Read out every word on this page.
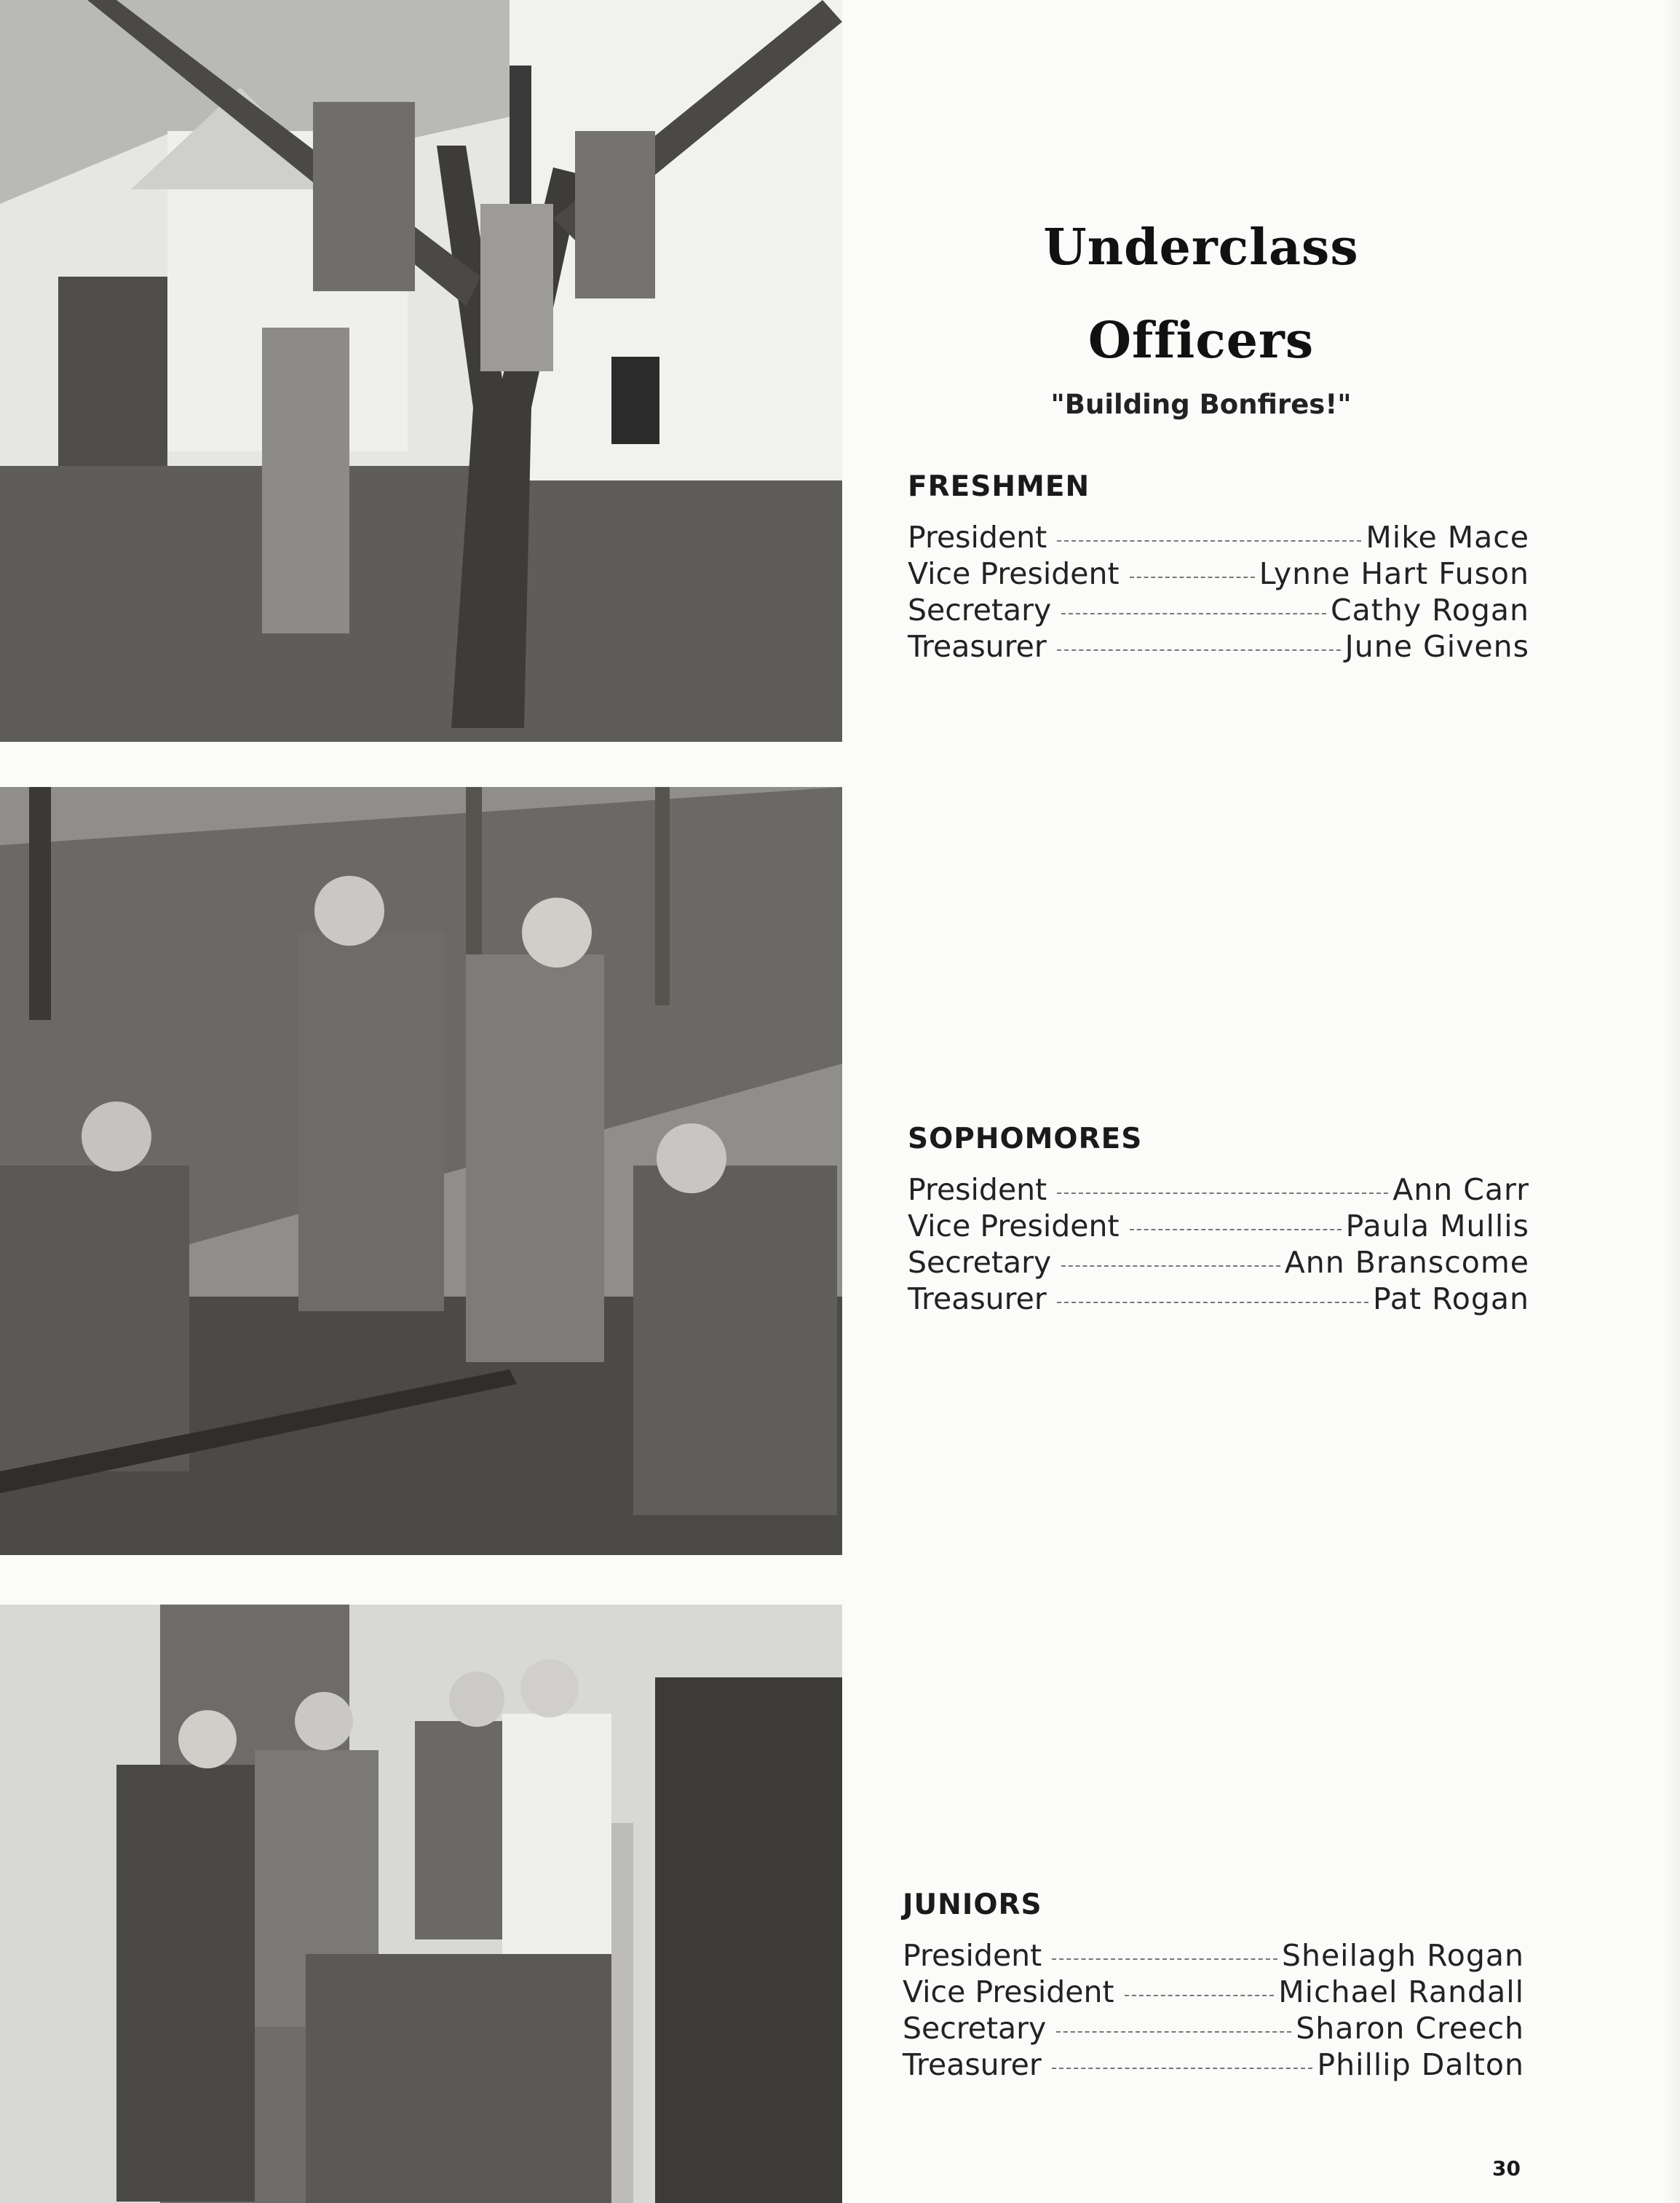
Underclass
Officers
"Building Bonfires!"
FRESHMEN
President	Mike Mace
Vice President	Lynne Hart Fuson
Secretary	Cathy Rogan
Treasurer	June Givens
SOPHOMORES
President	Ann Carr
Vice President	Paula Mullis
Secretary	Ann Branscome
Treasurer	Pat Rogan
JUNIORS
President	Sheilagh Rogan
Vice President	Michael Randall
Secretary	Sharon Creech
Treasurer	Phillip Dalton
30
